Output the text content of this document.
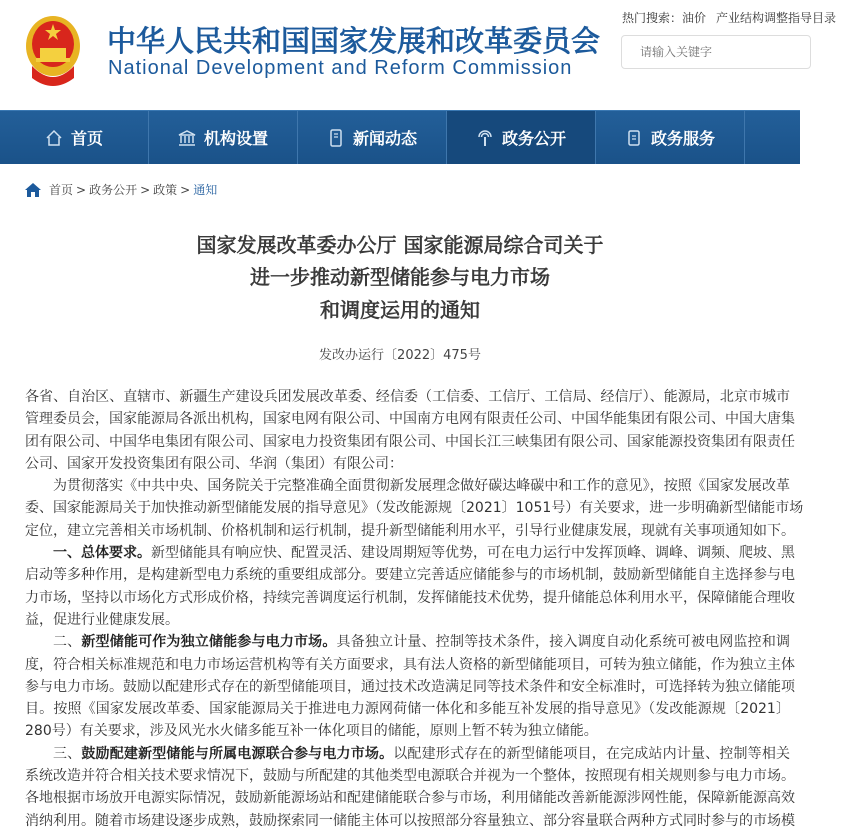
中华人民共和国国家发展和改革委员会
National Development and Reform Commission
热门搜索：油价 产业结构调整指导目录
请输入关键字
首页	机构设置	新闻动态	政务公开	政务服务
首页 > 政务公开 > 政策 > 通知
国家发展改革委办公厅 国家能源局综合司关于
进一步推动新型储能参与电力市场
和调度运用的通知
发改办运行〔2022〕475号
各省、自治区、直辖市、新疆生产建设兵团发展改革委、经信委（工信委、工信厅、工信局、经信厅）、能源局，北京市城市
管理委员会，国家能源局各派出机构，国家电网有限公司、中国南方电网有限责任公司、中国华能集团有限公司、中国大唐集
团有限公司、中国华电集团有限公司、国家电力投资集团有限公司、中国长江三峡集团有限公司、国家能源投资集团有限责任
公司、国家开发投资集团有限公司、华润（集团）有限公司：
为贯彻落实《中共中央、国务院关于完整准确全面贯彻新发展理念做好碳达峰碳中和工作的意见》，按照《国家发展改革
委、国家能源局关于加快推动新型储能发展的指导意见》（发改能源规〔2021〕1051号）有关要求，进一步明确新型储能市场
定位，建立完善相关市场机制、价格机制和运行机制，提升新型储能利用水平，引导行业健康发展，现就有关事项通知如下。
一、总体要求。新型储能具有响应快、配置灵活、建设周期短等优势，可在电力运行中发挥顶峰、调峰、调频、爬坡、黑
启动等多种作用，是构建新型电力系统的重要组成部分。要建立完善适应储能参与的市场机制，鼓励新型储能自主选择参与电
力市场，坚持以市场化方式形成价格，持续完善调度运行机制，发挥储能技术优势，提升储能总体利用水平，保障储能合理收
益，促进行业健康发展。
二、新型储能可作为独立储能参与电力市场。具备独立计量、控制等技术条件，接入调度自动化系统可被电网监控和调
度，符合相关标准规范和电力市场运营机构等有关方面要求，具有法人资格的新型储能项目，可转为独立储能，作为独立主体
参与电力市场。鼓励以配建形式存在的新型储能项目，通过技术改造满足同等技术条件和安全标准时，可选择转为独立储能项
目。按照《国家发展改革委、国家能源局关于推进电力源网荷储一体化和多能互补发展的指导意见》（发改能源规〔2021〕
280号）有关要求，涉及风光水火储多能互补一体化项目的储能，原则上暂不转为独立储能。
三、鼓励配建新型储能与所属电源联合参与电力市场。以配建形式存在的新型储能项目，在完成站内计量、控制等相关
系统改造并符合相关技术要求情况下，鼓励与所配建的其他类型电源联合并视为一个整体，按照现有相关规则参与电力市场。
各地根据市场放开电源实际情况，鼓励新能源场站和配建储能联合参与市场，利用储能改善新能源涉网性能，保障新能源高效
消纳利用。随着市场建设逐步成熟，鼓励探索同一储能主体可以按照部分容量独立、部分容量联合两种方式同时参与的市场模
